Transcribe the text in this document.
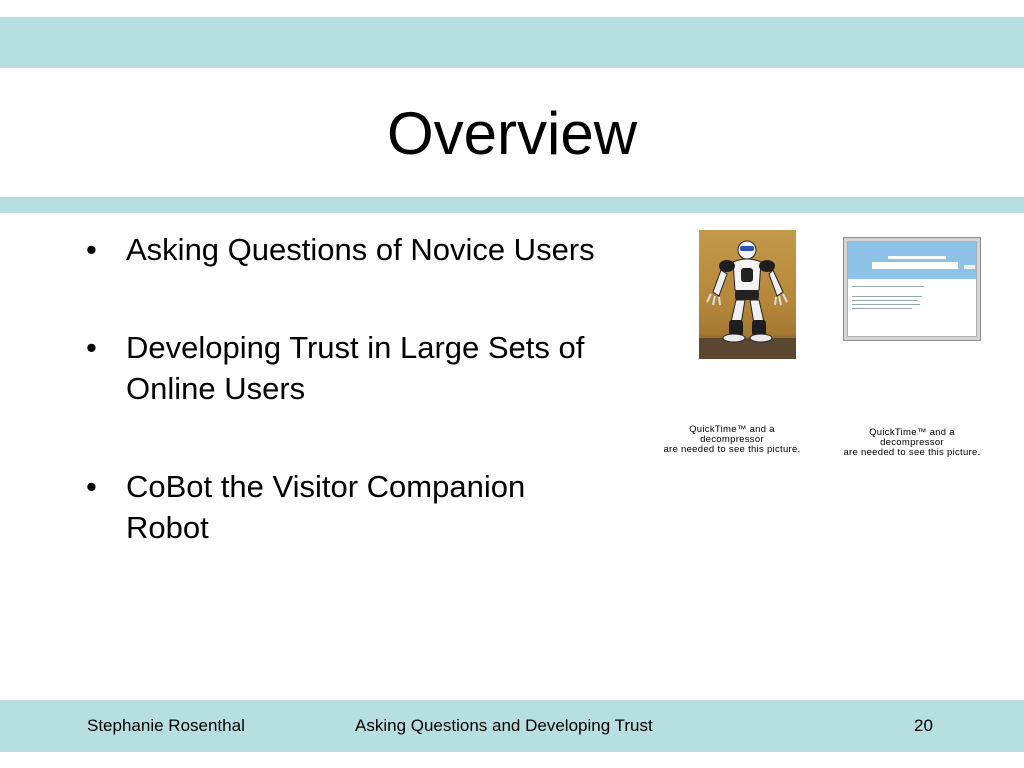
Overview
• Asking Questions of Novice Users
• Developing Trust in Large Sets of Online Users
• CoBot the Visitor Companion Robot
QuickTime™ and a
decompressor
are needed to see this picture.
QuickTime™ and a
decompressor
are needed to see this picture.
Stephanie Rosenthal	Asking Questions and Developing Trust	20
